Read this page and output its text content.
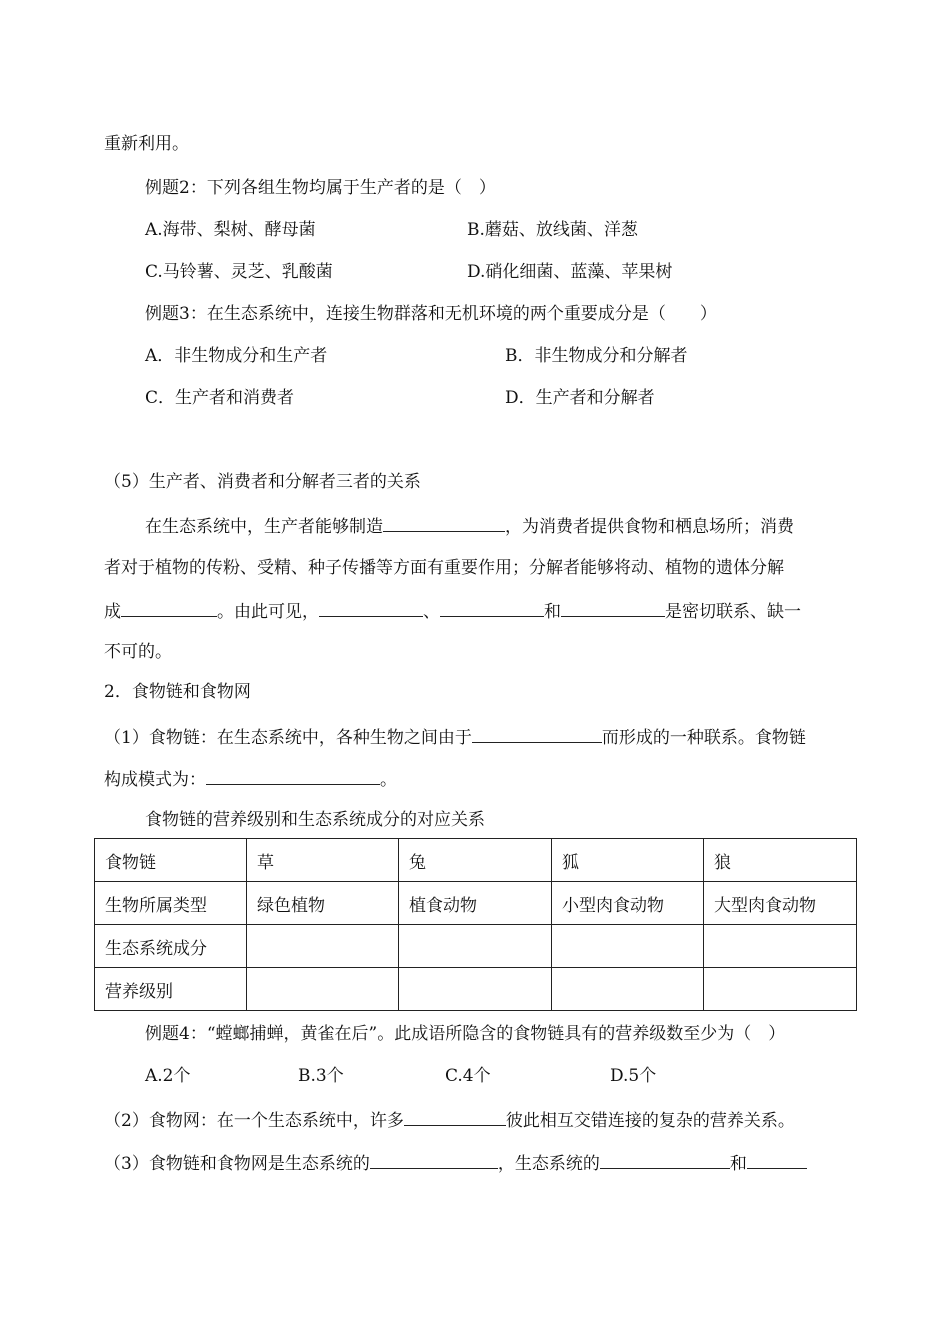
重新利用。
例题2：下列各组生物均属于生产者的是（　）
A.海带、梨树、酵母菌	B.蘑菇、放线菌、洋葱
C.马铃薯、灵芝、乳酸菌	D.硝化细菌、蓝藻、苹果树
例题3：在生态系统中，连接生物群落和无机环境的两个重要成分是（　　）
A．非生物成分和生产者	B．非生物成分和分解者
C．生产者和消费者	D．生产者和分解者
（5）生产者、消费者和分解者三者的关系
在生态系统中，生产者能够制造	，为消费者提供食物和栖息场所；消费
者对于植物的传粉、受精、种子传播等方面有重要作用；分解者能够将动、植物的遗体分解
成	。由此可见，	、	和	是密切联系、缺一
不可的。
2．食物链和食物网
（1）食物链：在生态系统中，各种生物之间由于	而形成的一种联系。食物链
构成模式为：	。
食物链的营养级别和生态系统成分的对应关系
食物链	草	兔	狐	狼
生物所属类型	绿色植物	植食动物	小型肉食动物	大型肉食动物
生态系统成分				
营养级别				
例题4：“螳螂捕蝉，黄雀在后”。此成语所隐含的食物链具有的营养级数至少为（　）
A.2个	B.3个	C.4个	D.5个
（2）食物网：在一个生态系统中，许多	彼此相互交错连接的复杂的营养关系。
（3）食物链和食物网是生态系统的	，生态系统的	和
